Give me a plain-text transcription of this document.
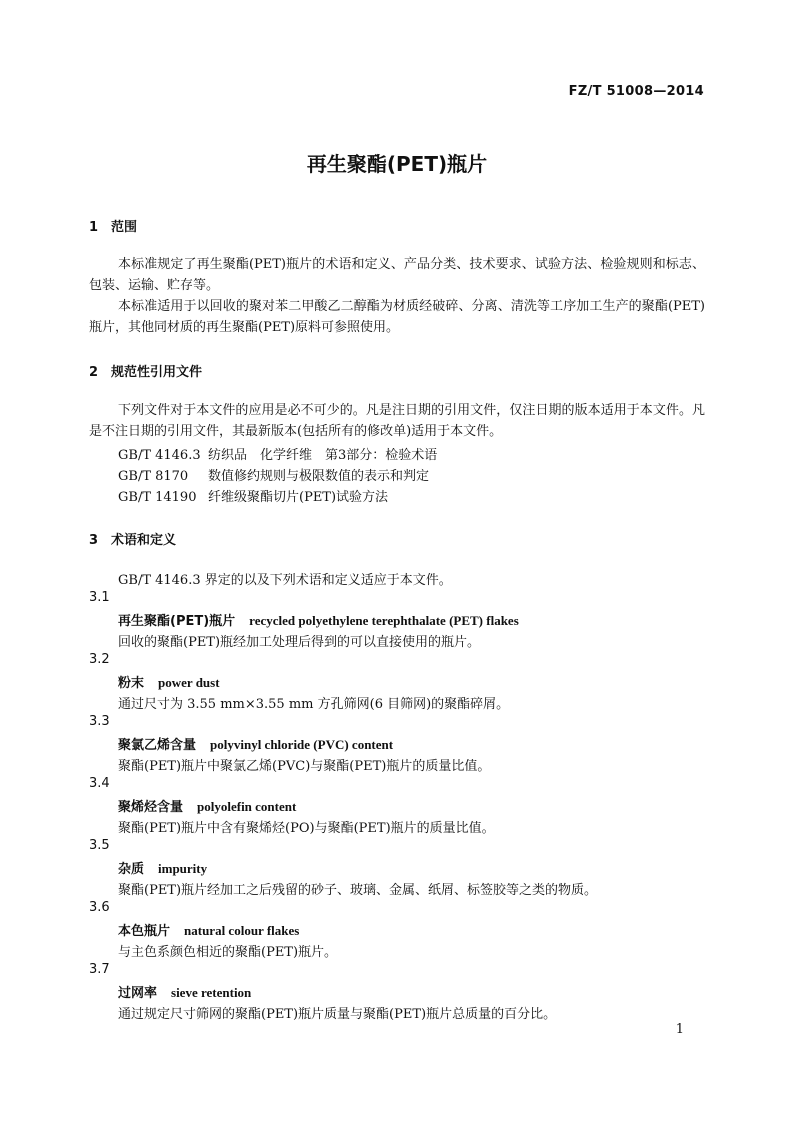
FZ/T 51008—2014
再生聚酯(PET)瓶片
1 范围

本标准规定了再生聚酯(PET)瓶片的术语和定义、产品分类、技术要求、试验方法、检验规则和标志、包装、运输、贮存等。

本标准适用于以回收的聚对苯二甲酸乙二醇酯为材质经破碎、分离、清洗等工序加工生产的聚酯(PET)瓶片，其他同材质的再生聚酯(PET)原料可参照使用。

2 规范性引用文件

下列文件对于本文件的应用是必不可少的。凡是注日期的引用文件，仅注日期的版本适用于本文件。凡是不注日期的引用文件，其最新版本(包括所有的修改单)适用于本文件。

GB/T 4146.3 纺织品　化学纤维　第3部分：检验术语
GB/T 8170 数值修约规则与极限数值的表示和判定
GB/T 14190 纤维级聚酯切片(PET)试验方法
3 术语和定义
GB/T 4146.3 界定的以及下列术语和定义适应于本文件。
3.1
再生聚酯(PET)瓶片 recycled polyethylene terephthalate (PET) flakes
回收的聚酯(PET)瓶经加工处理后得到的可以直接使用的瓶片。
3.2
粉末 power dust
通过尺寸为 3.55 mm×3.55 mm 方孔筛网(6 目筛网)的聚酯碎屑。
3.3
聚氯乙烯含量 polyvinyl chloride (PVC) content
聚酯(PET)瓶片中聚氯乙烯(PVC)与聚酯(PET)瓶片的质量比值。
3.4
聚烯烃含量 polyolefin content
聚酯(PET)瓶片中含有聚烯烃(PO)与聚酯(PET)瓶片的质量比值。
3.5
杂质 impurity
聚酯(PET)瓶片经加工之后残留的砂子、玻璃、金属、纸屑、标签胶等之类的物质。
3.6
本色瓶片 natural colour flakes
与主色系颜色相近的聚酯(PET)瓶片。
3.7
过网率 sieve retention
通过规定尺寸筛网的聚酯(PET)瓶片质量与聚酯(PET)瓶片总质量的百分比。
1
